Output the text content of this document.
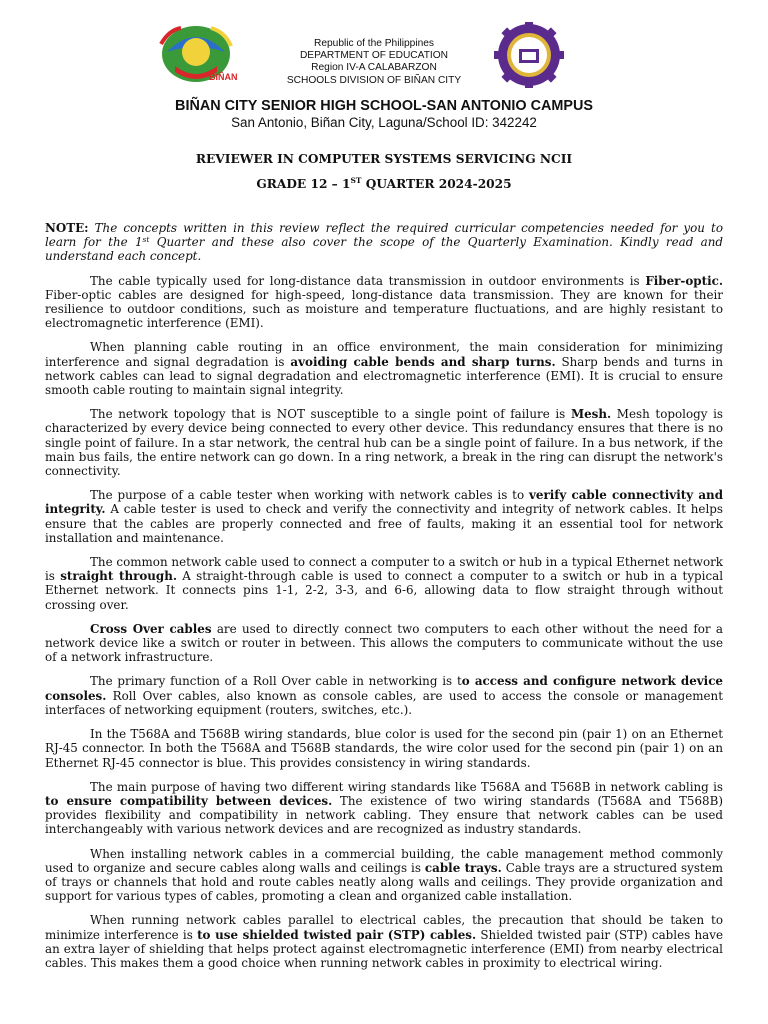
BIÑAN
Republic of the Philippines
DEPARTMENT OF EDUCATION
Region IV-A CALABARZON
SCHOOLS DIVISION OF BIÑAN CITY
BIÑAN CITY SENIOR HIGH SCHOOL-SAN ANTONIO CAMPUS
San Antonio, Biñan City, Laguna/School ID: 342242
REVIEWER IN COMPUTER SYSTEMS SERVICING NCII
GRADE 12 – 1ST QUARTER 2024-2025

NOTE: The concepts written in this review reflect the required curricular competencies needed for you to learn for the 1st Quarter and these also cover the scope of the Quarterly Examination. Kindly read and understand each concept.

The cable typically used for long-distance data transmission in outdoor environments is Fiber-optic. Fiber-optic cables are designed for high-speed, long-distance data transmission. They are known for their resilience to outdoor conditions, such as moisture and temperature fluctuations, and are highly resistant to electromagnetic interference (EMI).

When planning cable routing in an office environment, the main consideration for minimizing interference and signal degradation is avoiding cable bends and sharp turns. Sharp bends and turns in network cables can lead to signal degradation and electromagnetic interference (EMI). It is crucial to ensure smooth cable routing to maintain signal integrity.

The network topology that is NOT susceptible to a single point of failure is Mesh. Mesh topology is characterized by every device being connected to every other device. This redundancy ensures that there is no single point of failure. In a star network, the central hub can be a single point of failure. In a bus network, if the main bus fails, the entire network can go down. In a ring network, a break in the ring can disrupt the network's connectivity.

The purpose of a cable tester when working with network cables is to verify cable connectivity and integrity. A cable tester is used to check and verify the connectivity and integrity of network cables. It helps ensure that the cables are properly connected and free of faults, making it an essential tool for network installation and maintenance.

The common network cable used to connect a computer to a switch or hub in a typical Ethernet network is straight through. A straight-through cable is used to connect a computer to a switch or hub in a typical Ethernet network. It connects pins 1-1, 2-2, 3-3, and 6-6, allowing data to flow straight through without crossing over.

Cross Over cables are used to directly connect two computers to each other without the need for a network device like a switch or router in between. This allows the computers to communicate without the use of a network infrastructure.

The primary function of a Roll Over cable in networking is to access and configure network device consoles. Roll Over cables, also known as console cables, are used to access the console or management interfaces of networking equipment (routers, switches, etc.).

In the T568A and T568B wiring standards, blue color is used for the second pin (pair 1) on an Ethernet RJ-45 connector. In both the T568A and T568B standards, the wire color used for the second pin (pair 1) on an Ethernet RJ-45 connector is blue. This provides consistency in wiring standards.

The main purpose of having two different wiring standards like T568A and T568B in network cabling is to ensure compatibility between devices. The existence of two wiring standards (T568A and T568B) provides flexibility and compatibility in network cabling. They ensure that network cables can be used interchangeably with various network devices and are recognized as industry standards.

When installing network cables in a commercial building, the cable management method commonly used to organize and secure cables along walls and ceilings is cable trays. Cable trays are a structured system of trays or channels that hold and route cables neatly along walls and ceilings. They provide organization and support for various types of cables, promoting a clean and organized cable installation.

When running network cables parallel to electrical cables, the precaution that should be taken to minimize interference is to use shielded twisted pair (STP) cables. Shielded twisted pair (STP) cables have an extra layer of shielding that helps protect against electromagnetic interference (EMI) from nearby electrical cables. This makes them a good choice when running network cables in proximity to electrical wiring.
